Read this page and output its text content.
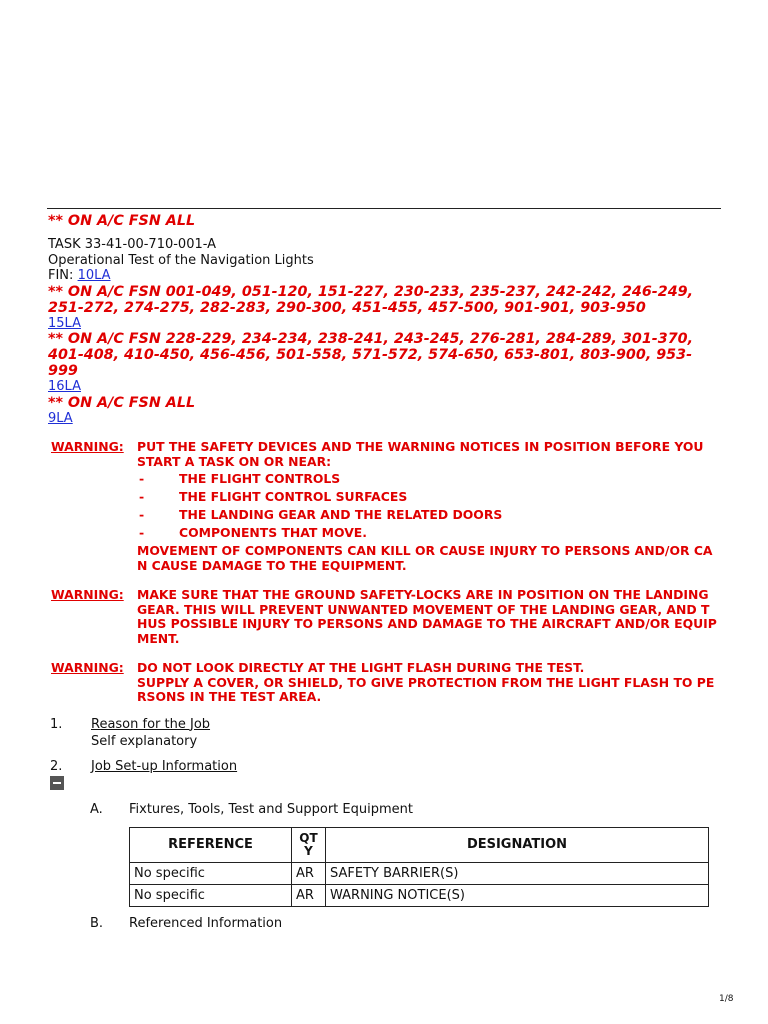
** ON A/C FSN ALL
TASK 33-41-00-710-001-A
Operational Test of the Navigation Lights
FIN: 10LA
** ON A/C FSN 001-049, 051-120, 151-227, 230-233, 235-237, 242-242, 246-249, 251-272, 274-275, 282-283, 290-300, 451-455, 457-500, 901-901, 903-950
15LA
** ON A/C FSN 228-229, 234-234, 238-241, 243-245, 276-281, 284-289, 301-370, 401-408, 410-450, 456-456, 501-558, 571-572, 574-650, 653-801, 803-900, 953-999
16LA
** ON A/C FSN ALL
9LA
WARNING:	PUT THE SAFETY DEVICES AND THE WARNING NOTICES IN POSITION BEFORE YOU START A TASK ON OR NEAR:
-	THE FLIGHT CONTROLS
-	THE FLIGHT CONTROL SURFACES
-	THE LANDING GEAR AND THE RELATED DOORS
-	COMPONENTS THAT MOVE.
MOVEMENT OF COMPONENTS CAN KILL OR CAUSE INJURY TO PERSONS AND/OR CAN CAUSE DAMAGE TO THE EQUIPMENT.
WARNING:	MAKE SURE THAT THE GROUND SAFETY-LOCKS ARE IN POSITION ON THE LANDING GEAR. THIS WILL PREVENT UNWANTED MOVEMENT OF THE LANDING GEAR, AND THUS POSSIBLE INJURY TO PERSONS AND DAMAGE TO THE AIRCRAFT AND/OR EQUIPMENT.
WARNING:	DO NOT LOOK DIRECTLY AT THE LIGHT FLASH DURING THE TEST.
SUPPLY A COVER, OR SHIELD, TO GIVE PROTECTION FROM THE LIGHT FLASH TO PERSONS IN THE TEST AREA.
1.	Reason for the Job
Self explanatory
2.	Job Set-up Information
A.	Fixtures, Tools, Test and Support Equipment
REFERENCE	QTY	DESIGNATION
No specific	AR	SAFETY BARRIER(S)
No specific	AR	WARNING NOTICE(S)
B.	Referenced Information
1/8
